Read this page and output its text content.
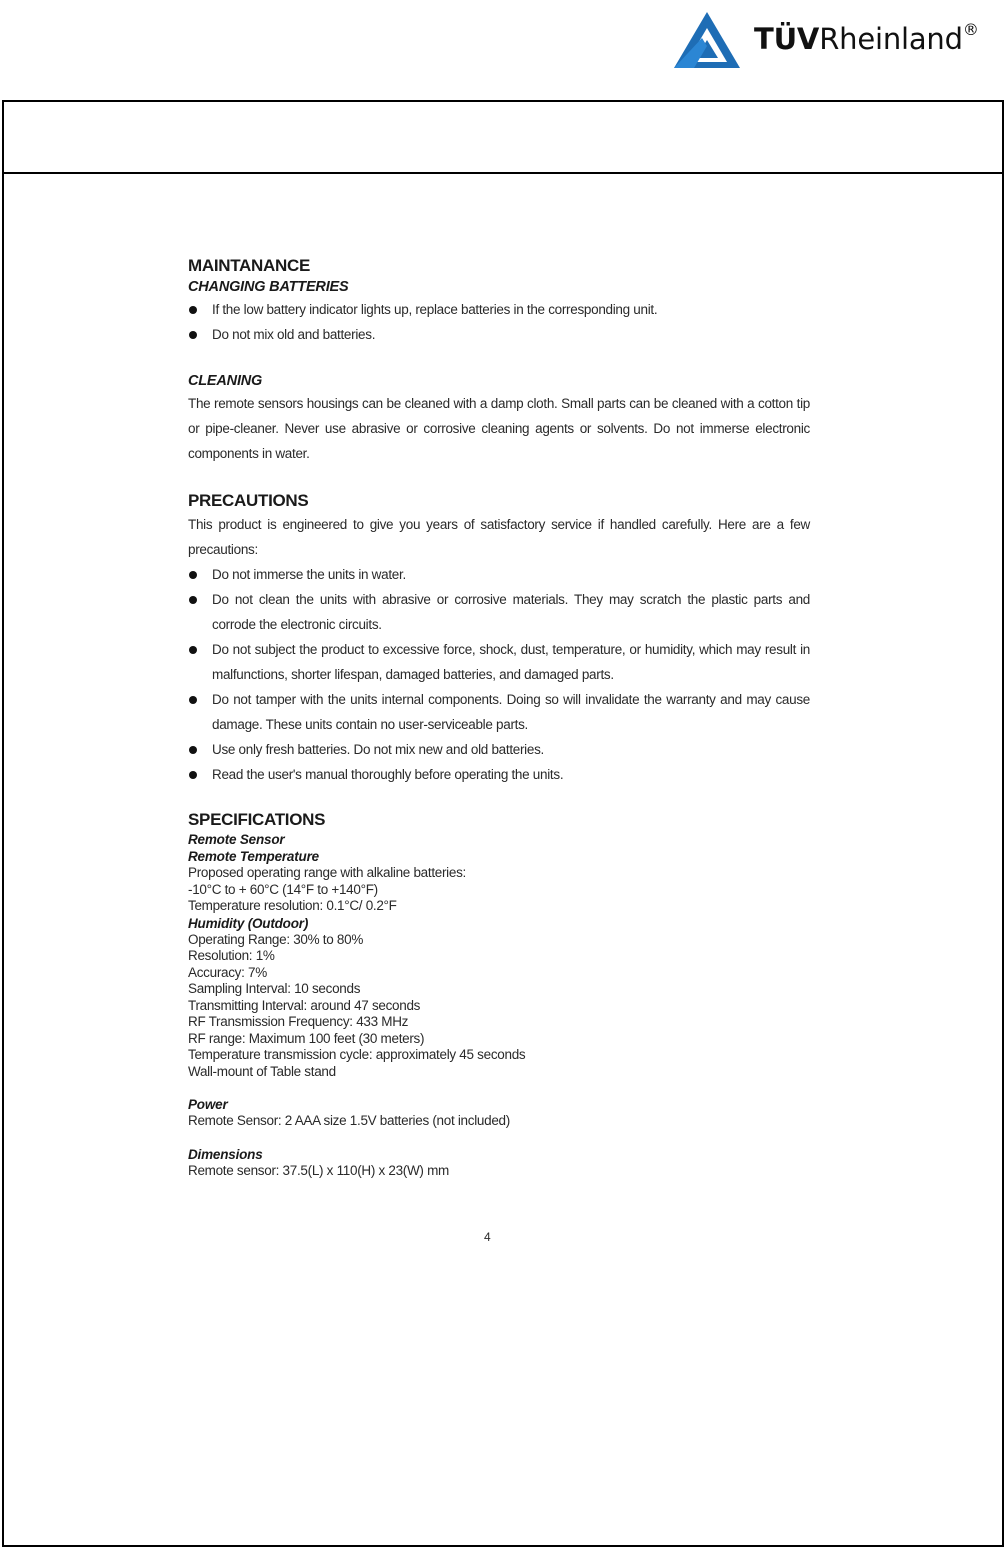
TÜVRheinland®
MAINTANANCE
CHANGING BATTERIES
If the low battery indicator lights up, replace batteries in the corresponding unit.
Do not mix old and batteries.
CLEANING

The remote sensors housings can be cleaned with a damp cloth. Small parts can be cleaned with a cotton tip or pipe-cleaner. Never use abrasive or corrosive cleaning agents or solvents. Do not immerse electronic components in water.

PRECAUTIONS

This product is engineered to give you years of satisfactory service if handled carefully. Here are a few precautions:

Do not immerse the units in water.
Do not clean the units with abrasive or corrosive materials. They may scratch the plastic parts and corrode the electronic circuits.
Do not subject the product to excessive force, shock, dust, temperature, or humidity, which may result in malfunctions, shorter lifespan, damaged batteries, and damaged parts.
Do not tamper with the units internal components. Doing so will invalidate the warranty and may cause damage. These units contain no user-serviceable parts.
Use only fresh batteries. Do not mix new and old batteries.
Read the user's manual thoroughly before operating the units.
SPECIFICATIONS
Remote Sensor
Remote Temperature

Proposed operating range with alkaline batteries:

-10°C to + 60°C (14°F to +140°F)

Temperature resolution: 0.1°C/ 0.2°F

Humidity (Outdoor)

Operating Range: 30% to 80%

Resolution: 1%

Accuracy: 7%

Sampling Interval: 10 seconds

Transmitting Interval: around 47 seconds

RF Transmission Frequency: 433 MHz

RF range: Maximum 100 feet (30 meters)

Temperature transmission cycle: approximately 45 seconds

Wall-mount of Table stand

Power

Remote Sensor: 2 AAA size 1.5V batteries (not included)

Dimensions

Remote sensor: 37.5(L) x 110(H) x 23(W) mm

4
